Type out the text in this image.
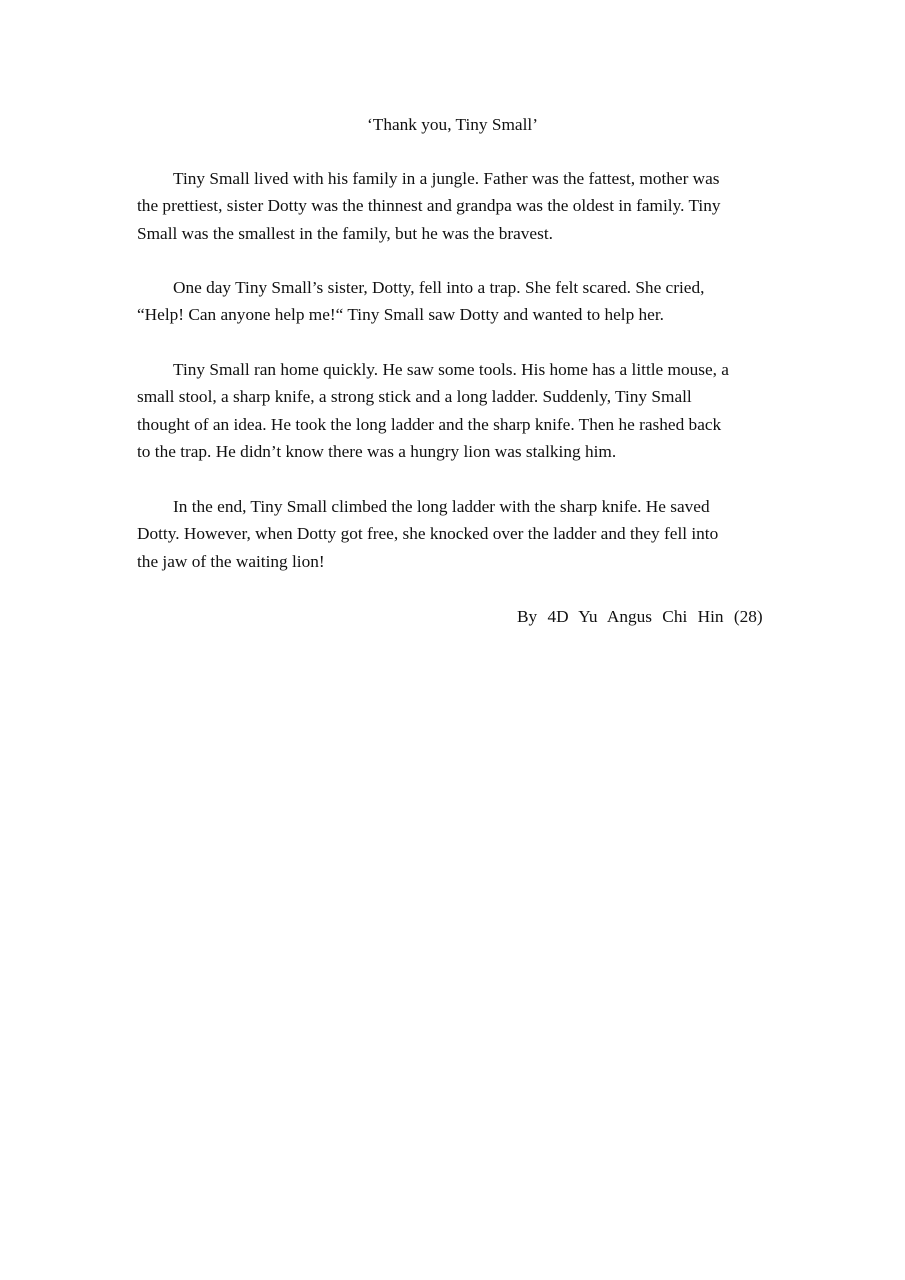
‘Thank you, Tiny Small’
Tiny Small lived with his family in a jungle. Father was the fattest, mother was
the prettiest, sister Dotty was the thinnest and grandpa was the oldest in family. Tiny
Small was the smallest in the family, but he was the bravest.
One day Tiny Small’s sister, Dotty, fell into a trap. She felt scared. She cried,
“Help! Can anyone help me!“ Tiny Small saw Dotty and wanted to help her.
Tiny Small ran home quickly. He saw some tools. His home has a little mouse, a
small stool, a sharp knife, a strong stick and a long ladder. Suddenly, Tiny Small
thought of an idea. He took the long ladder and the sharp knife. Then he rashed back
to the trap. He didn’t know there was a hungry lion was stalking him.
In the end, Tiny Small climbed the long ladder with the sharp knife. He saved
Dotty. However, when Dotty got free, she knocked over the ladder and they fell into
the jaw of the waiting lion!
By 4D Yu Angus Chi Hin (28)
